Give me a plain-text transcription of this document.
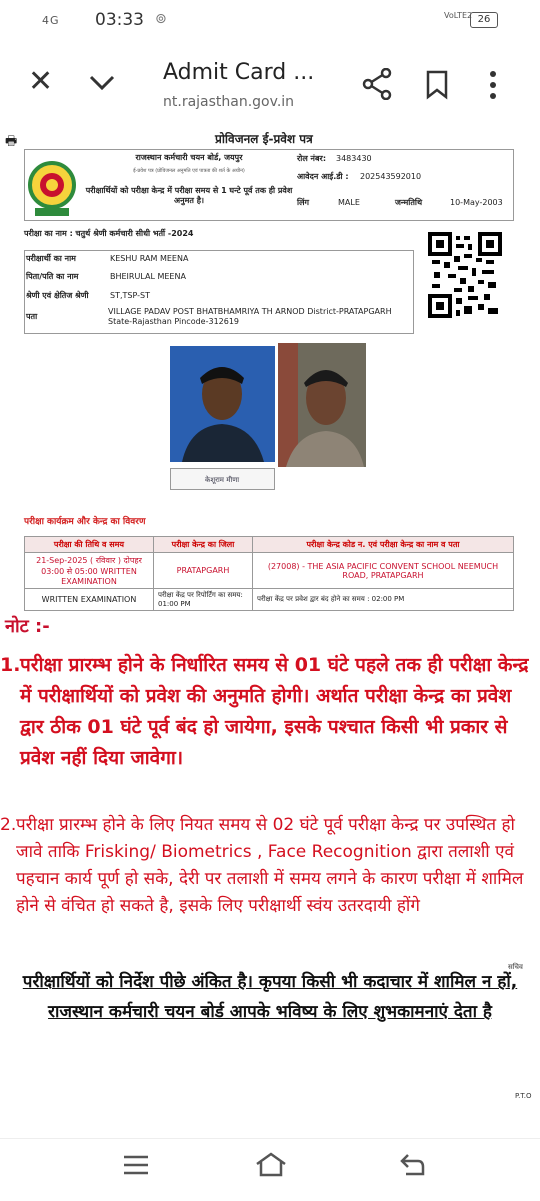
4G 03:33 ⊚	VoLTE2 26
✕	Admit Card ...
nt.rajasthan.gov.in
🖶	प्रोविजनल ई-प्रवेश पत्र
राजस्थान कर्मचारी चयन बोर्ड, जयपुर
ई-प्रवेश पत्र (प्रोविजनल अनुमति एवं पात्रता की शर्त के अधीन)
परीक्षार्थियों को परीक्षा केन्द्र में परीक्षा समय से 1 घन्टे पूर्व तक ही प्रवेश अनुमत है।
रोल नंबर: 3483430
आवेदन आई.डी : 202543592010
लिंग	MALE	जन्मतिथि	10-May-2003
परीक्षा का नाम : चतुर्थ श्रेणी कर्मचारी सीधी भर्ती -2024
परीक्षार्थी का नाम	KESHU RAM MEENA
पिता/पति का नाम	BHEIRULAL MEENA
श्रेणी एवं क्षेतिज श्रेणी	ST,TSP-ST
पता
VILLAGE PADAV POST BHATBHAMRIYA TH ARNOD District-PRATAPGARH State-Rajasthan Pincode-312619
केशूराम मीणा
परीक्षा कार्यक्रम और केन्द्र का विवरण
परीक्षा की तिथि व समय	परीक्षा केन्द्र का जिला	परीक्षा केन्द्र कोड न. एवं परीक्षा केन्द्र का नाम व पता
21-Sep-2025 ( रविवार ) दोपहर 03:00 से 05:00 WRITTEN EXAMINATION	PRATAPGARH	(27008) - THE ASIA PACIFIC CONVENT SCHOOL NEEMUCH ROAD, PRATAPGARH
WRITTEN EXAMINATION	परीक्षा केंद्र पर रिपोर्टिंग का समय: 01:00 PM	परीक्षा केंद्र पर प्रवेश द्वार बंद होने का समय : 02:00 PM
नोट :-
1. परीक्षा प्रारम्भ होने के निर्धारित समय से 01 घंटे पहले तक ही परीक्षा केन्द्र में परीक्षार्थियों को प्रवेश की अनुमति होगी। अर्थात परीक्षा केन्द्र का प्रवेश द्वार ठीक 01 घंटे पूर्व बंद हो जायेगा, इसके पश्चात किसी भी प्रकार से प्रवेश नहीं दिया जावेगा।
2. परीक्षा प्रारम्भ होने के लिए नियत समय से 02 घंटे पूर्व परीक्षा केन्द्र पर उपस्थित हो जावे ताकि Frisking/ Biometrics , Face Recognition द्वारा तलाशी एवं पहचान कार्य पूर्ण हो सके, देरी पर तलाशी में समय लगने के कारण परीक्षा में शामिल होने से वंचित हो सकते है, इसके लिए परीक्षार्थी स्वंय उतरदायी होंगे
सचिव
परीक्षार्थियों को निर्देश पीछे अंकित है। कृपया किसी भी कदाचार में शामिल न हों,
राजस्थान कर्मचारी चयन बोर्ड आपके भविष्य के लिए शुभकामनाएं देता है
P.T.O
